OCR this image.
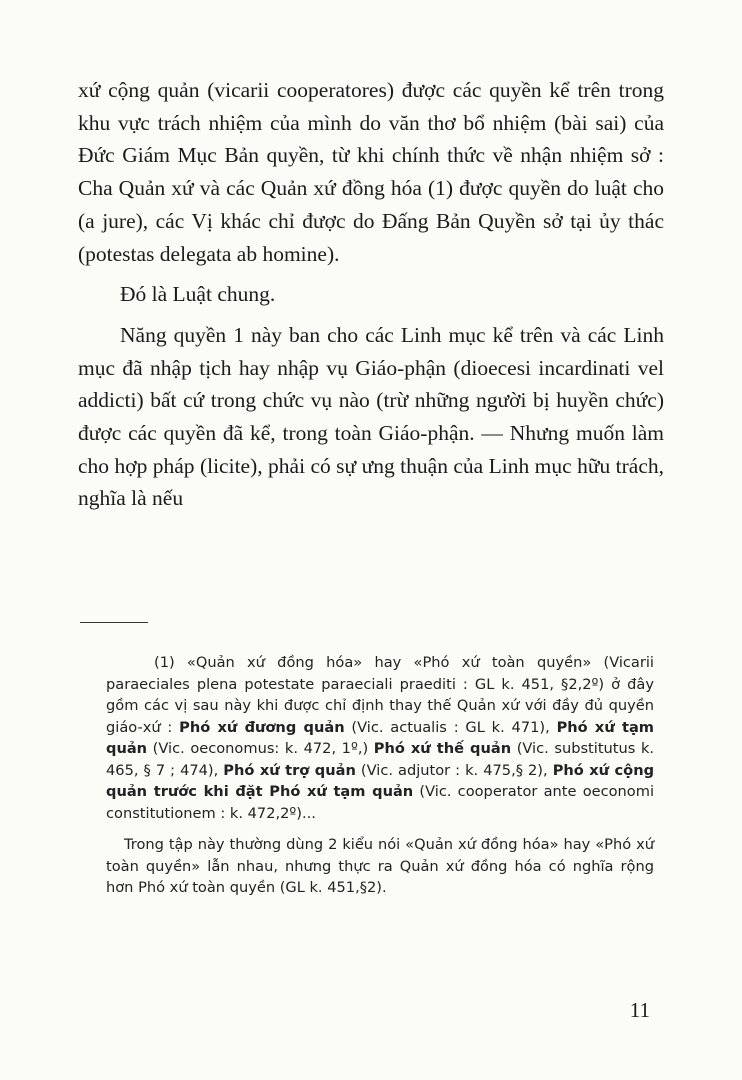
xứ cộng quản (vicarii cooperatores) được các quyền kể trên trong khu vực trách nhiệm của mình do văn thơ bổ nhiệm (bài sai) của Đức Giám Mục Bản quyền, từ khi chính thức về nhận nhiệm sở : Cha Quản xứ và các Quản xứ đồng hóa (1) được quyền do luật cho (a jure), các Vị khác chỉ được do Đấng Bản Quyền sở tại ủy thác (potestas delegata ab homine).

Đó là Luật chung.

Năng quyền 1 này ban cho các Linh mục kể trên và các Linh mục đã nhập tịch hay nhập vụ Giáo-phận (dioecesi incardinati vel addicti) bất cứ trong chức vụ nào (trừ những người bị huyền chức) được các quyền đã kể, trong toàn Giáo-phận. — Nhưng muốn làm cho hợp pháp (licite), phải có sự ưng thuận của Linh mục hữu trách, nghĩa là nếu

(1) «Quản xứ đồng hóa» hay «Phó xứ toàn quyền» (Vicarii paraeciales plena potestate paraeciali praediti : GL k. 451, §2,2º) ở đây gồm các vị sau này khi được chỉ định thay thế Quản xứ với đầy đủ quyền giáo-xứ : Phó xứ đương quản (Vic. actualis : GL k. 471), Phó xứ tạm quản (Vic. oeconomus: k. 472, 1º,) Phó xứ thế quản (Vic. substitutus k. 465, § 7 ; 474), Phó xứ trợ quản (Vic. adjutor : k. 475,§ 2), Phó xứ cộng quản trước khi đặt Phó xứ tạm quản (Vic. cooperator ante oeconomi constitutionem : k. 472,2º)...

Trong tập này thường dùng 2 kiểu nói «Quản xứ đồng hóa» hay «Phó xứ toàn quyền» lẫn nhau, nhưng thực ra Quản xứ đồng hóa có nghĩa rộng hơn Phó xứ toàn quyền (GL k. 451,§2).

11
